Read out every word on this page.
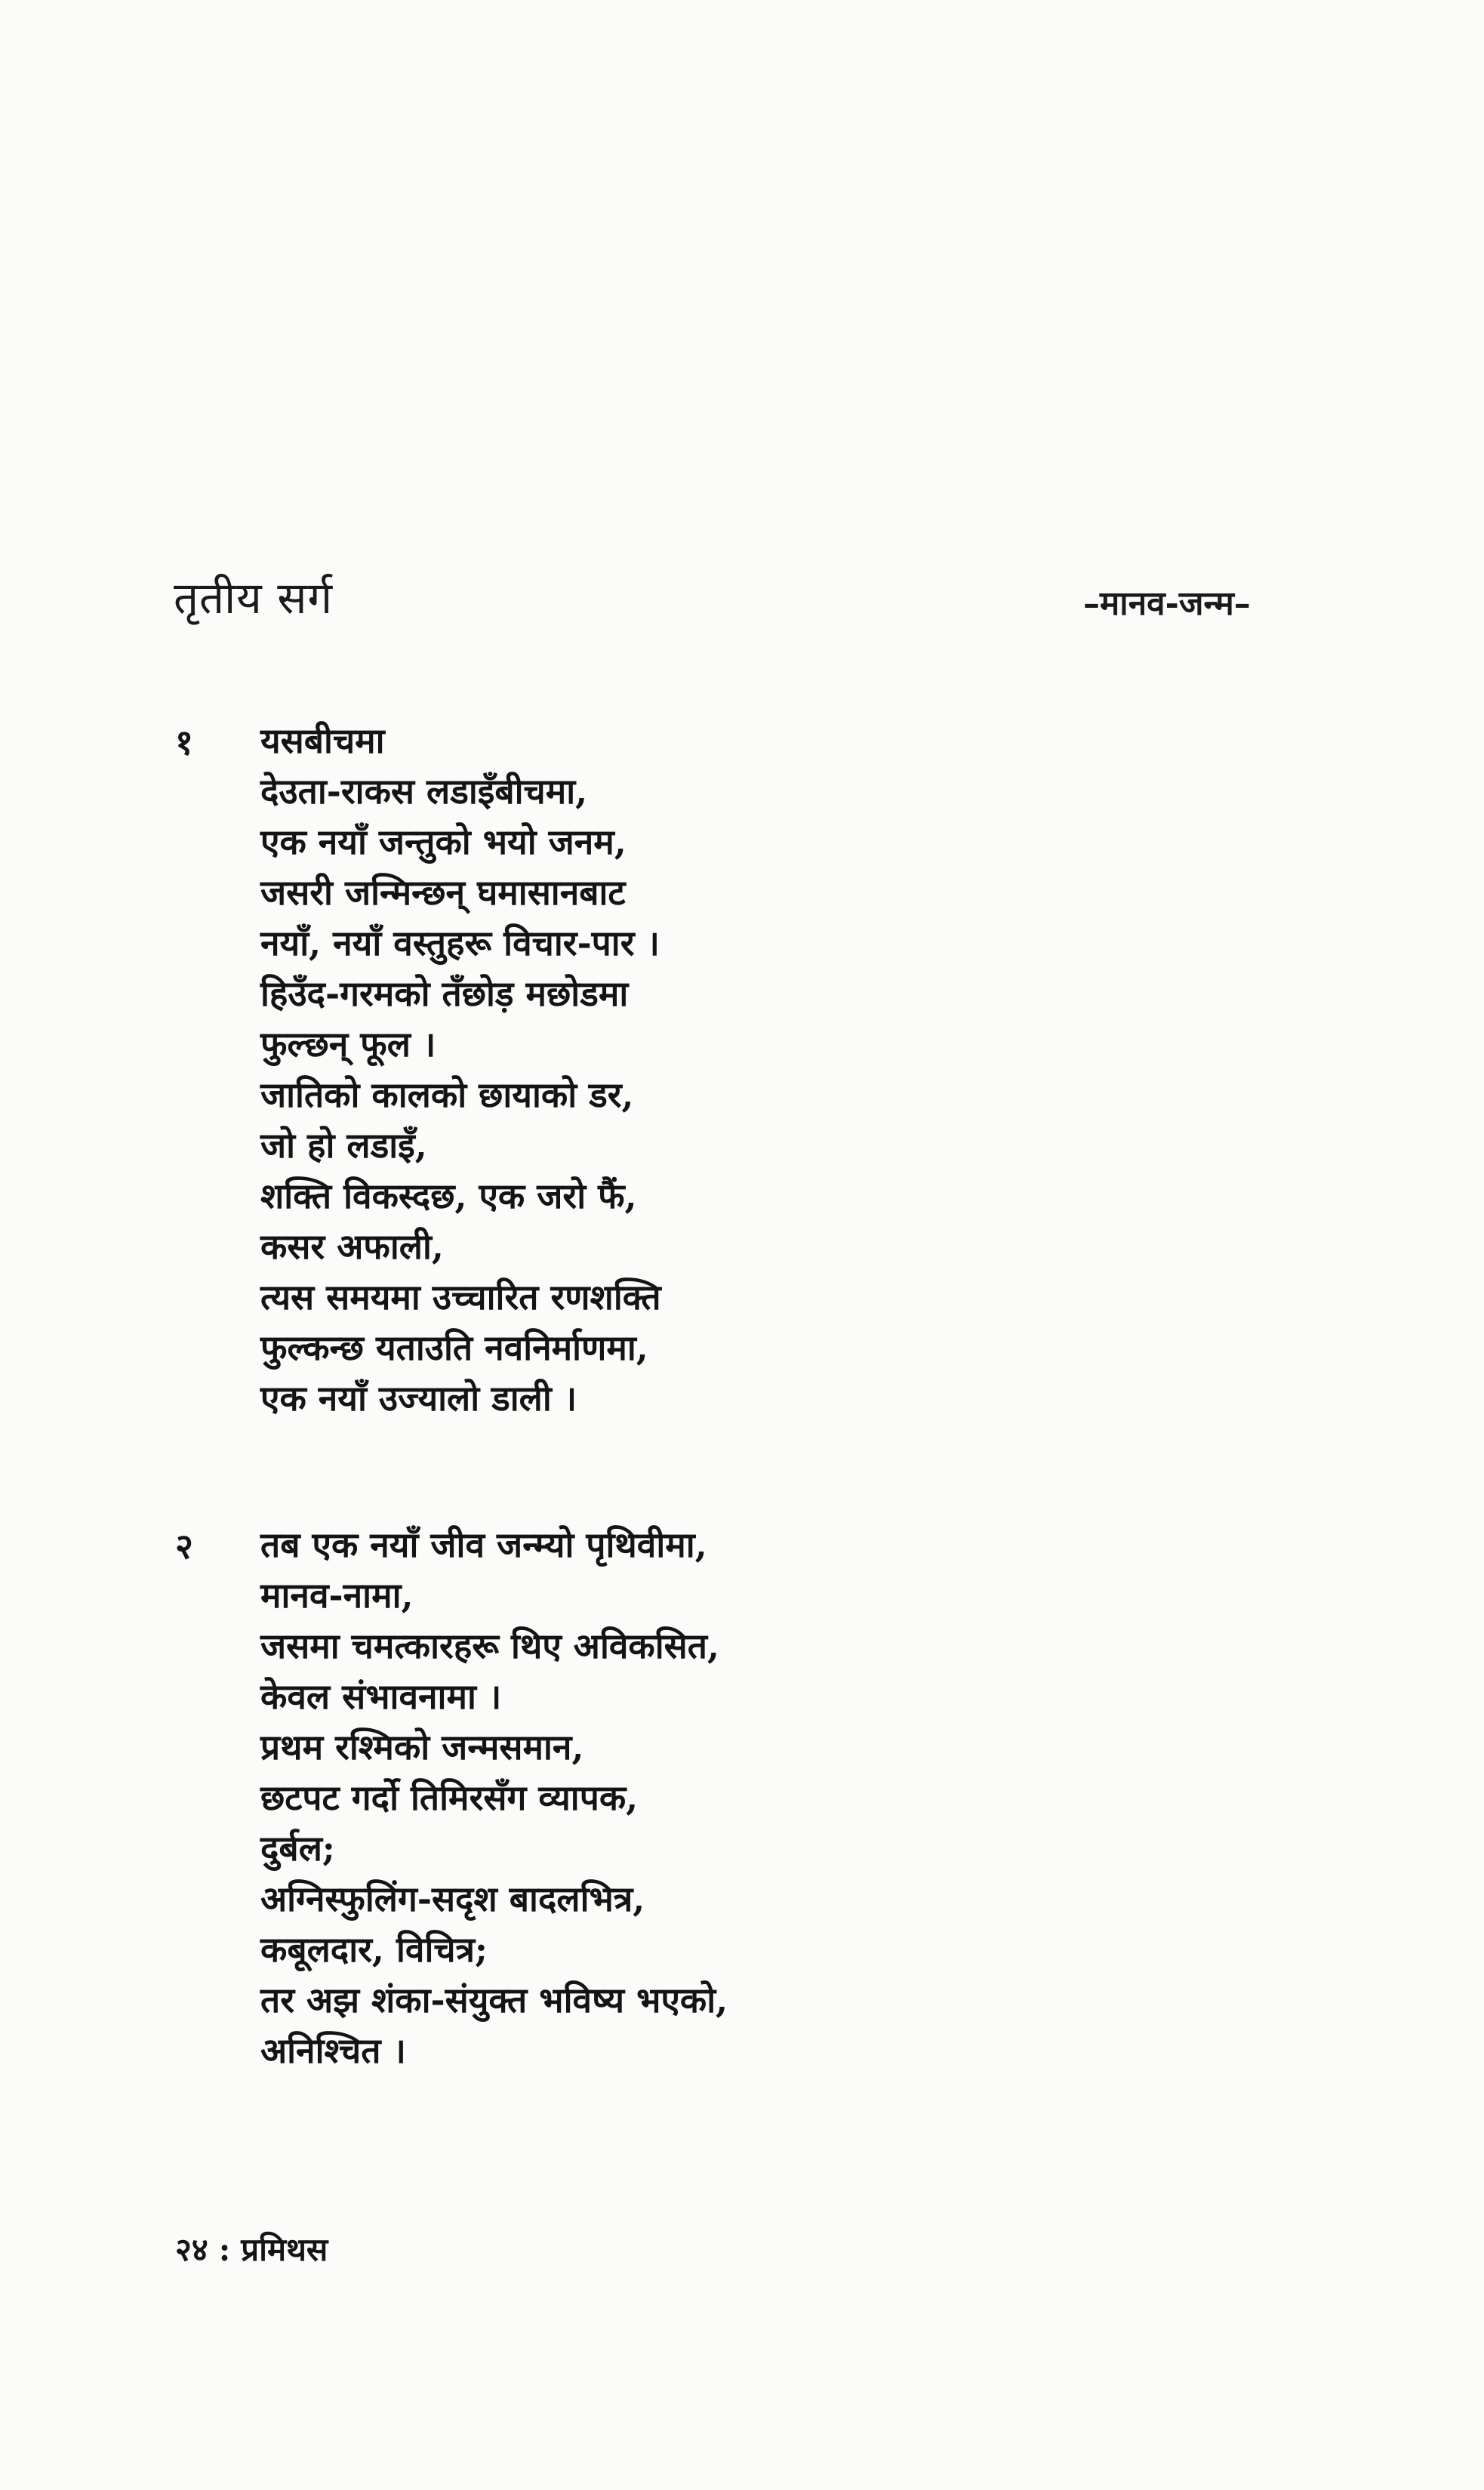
तृतीय सर्ग	–मानव-जन्म–
१ यसबीचमा
देउता-राकस लडाइँबीचमा,
एक नयाँ जन्तुको भयो जनम,
जसरी जन्मिन्छन् घमासानबाट
नयाँ, नयाँ वस्तुहरू विचार-पार ।
हिउँद-गरमको तँछोड़ मछोडमा
फुल्छन् फूल ।
जातिको कालको छायाको डर,
जो हो लडाइँ,
शक्ति विकस्दछ, एक जरो फैं,
कसर अफाली,
त्यस समयमा उच्चारित रणशक्ति
फुल्कन्छ यताउति नवनिर्माणमा,
एक नयाँ उज्यालो डाली ।
२ तब एक नयाँ जीव जन्म्यो पृथिवीमा,
मानव-नामा,
जसमा चमत्कारहरू थिए अविकसित,
केवल संभावनामा ।
प्रथम रश्मिको जन्मसमान,
छटपट गर्दो तिमिरसँग व्यापक,
दुर्बल;
अग्निस्फुलिंग-सदृश बादलभित्र,
कबूलदार, विचित्र;
तर अझ शंका-संयुक्त भविष्य भएको,
अनिश्चित ।
२४ : प्रमिथस
